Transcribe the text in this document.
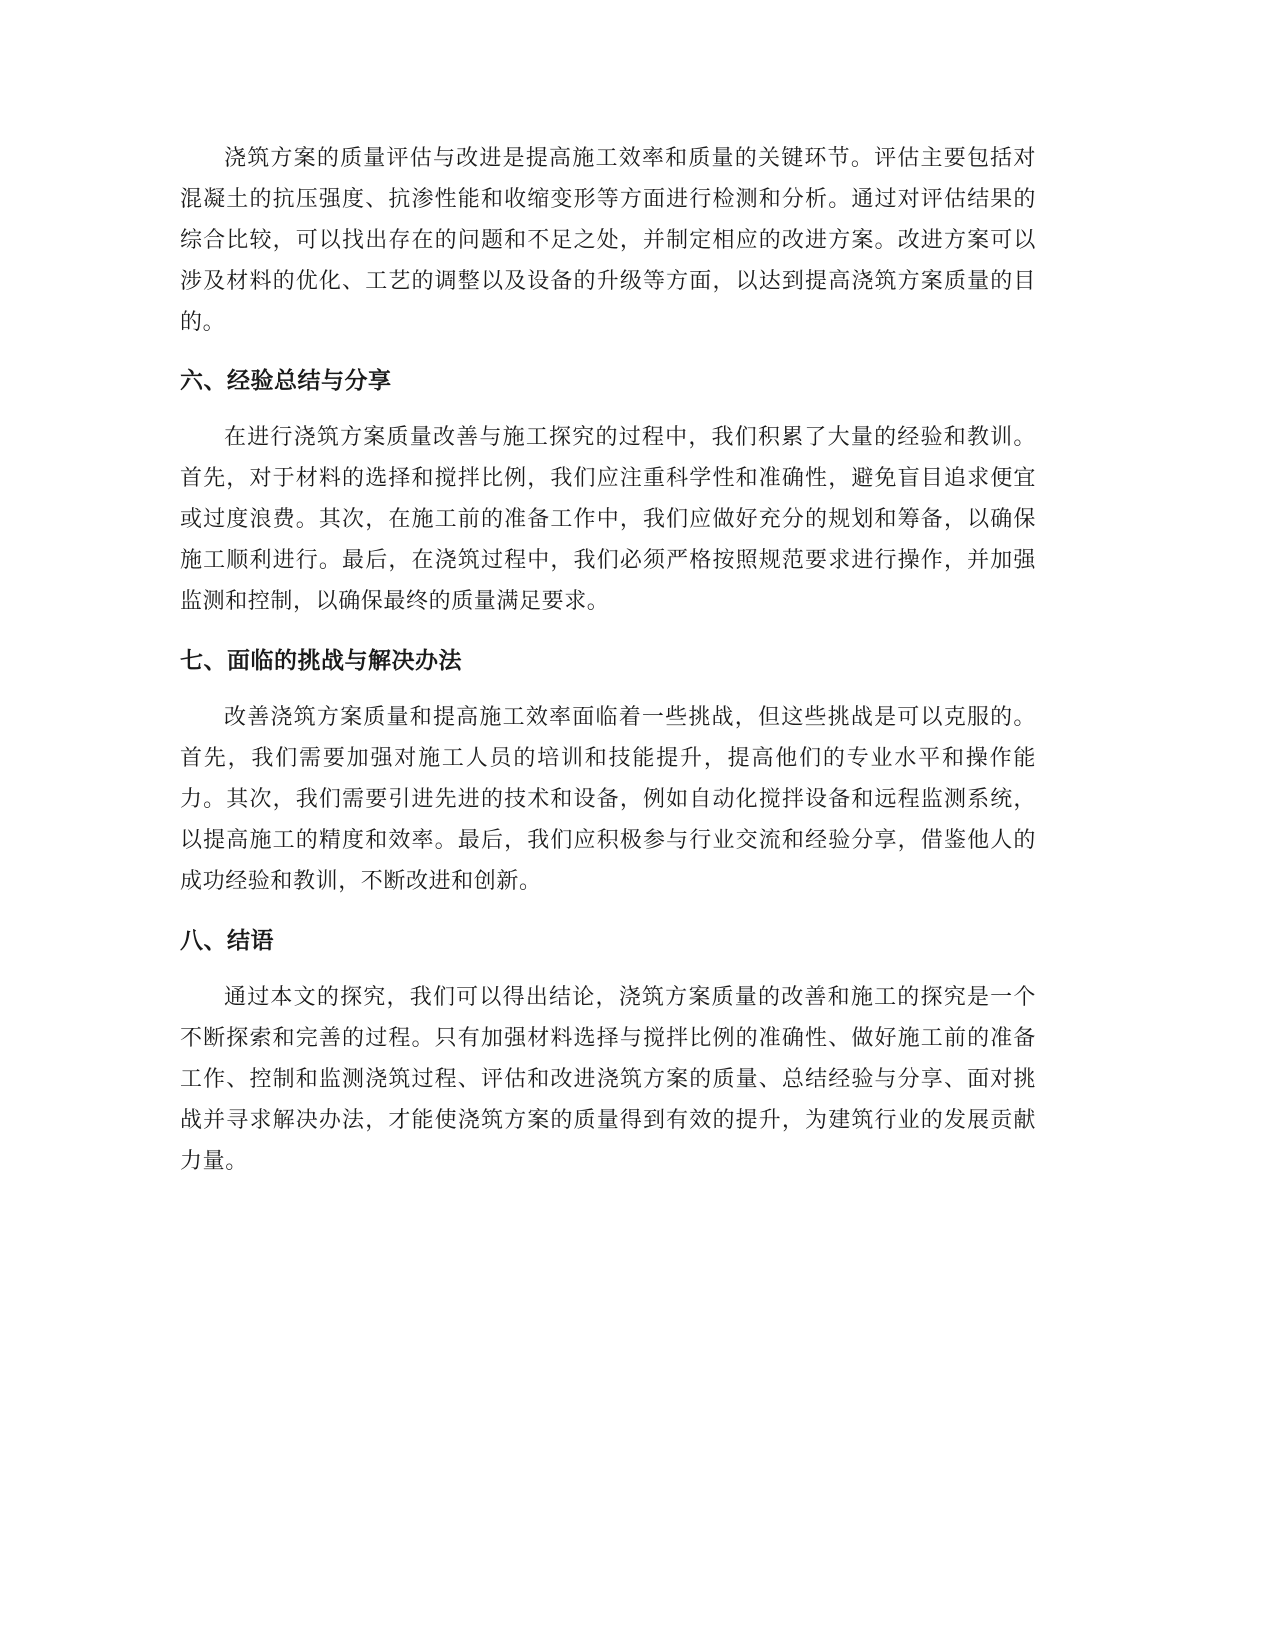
浇筑方案的质量评估与改进是提高施工效率和质量的关键环节。评估主要包括对混凝土的抗压强度、抗渗性能和收缩变形等方面进行检测和分析。通过对评估结果的综合比较，可以找出存在的问题和不足之处，并制定相应的改进方案。改进方案可以涉及材料的优化、工艺的调整以及设备的升级等方面，以达到提高浇筑方案质量的目的。

六、经验总结与分享

在进行浇筑方案质量改善与施工探究的过程中，我们积累了大量的经验和教训。首先，对于材料的选择和搅拌比例，我们应注重科学性和准确性，避免盲目追求便宜或过度浪费。其次，在施工前的准备工作中，我们应做好充分的规划和筹备，以确保施工顺利进行。最后，在浇筑过程中，我们必须严格按照规范要求进行操作，并加强监测和控制，以确保最终的质量满足要求。

七、面临的挑战与解决办法

改善浇筑方案质量和提高施工效率面临着一些挑战，但这些挑战是可以克服的。首先，我们需要加强对施工人员的培训和技能提升，提高他们的专业水平和操作能力。其次，我们需要引进先进的技术和设备，例如自动化搅拌设备和远程监测系统，以提高施工的精度和效率。最后，我们应积极参与行业交流和经验分享，借鉴他人的成功经验和教训，不断改进和创新。

八、结语

通过本文的探究，我们可以得出结论，浇筑方案质量的改善和施工的探究是一个不断探索和完善的过程。只有加强材料选择与搅拌比例的准确性、做好施工前的准备工作、控制和监测浇筑过程、评估和改进浇筑方案的质量、总结经验与分享、面对挑战并寻求解决办法，才能使浇筑方案的质量得到有效的提升，为建筑行业的发展贡献力量。
